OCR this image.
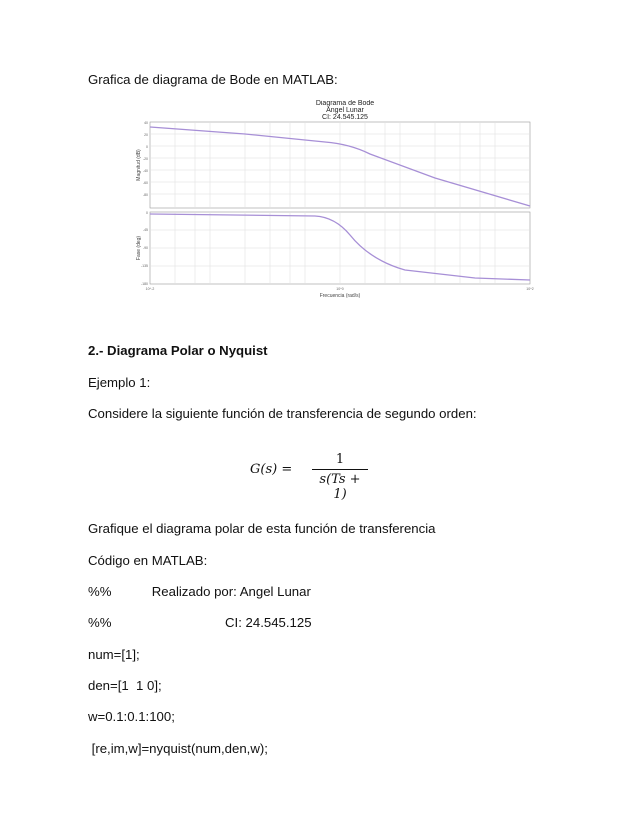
Grafica de diagrama de Bode en MATLAB:
Diagrama de Bode
Angel Lunar
CI: 24.545.125
Magnitud (dB)
Fase (deg)
40
20
0
-20
-40
-60
-80
0
-45
-90
-135
-180
10^-2	10^0	10^2
Frecuencia (rad/s)
2.- Diagrama Polar o Nyquist
Ejemplo 1:
Considere la siguiente función de transferencia de segundo orden:
G(s) =
1
s(Ts + 1)
Grafique el diagrama polar de esta función de transferencia
Código en MATLAB:
%%           Realizado por: Angel Lunar
%%                               CI: 24.545.125
num=[1];
den=[1  1 0];
w=0.1:0.1:100;
[re,im,w]=nyquist(num,den,w);
